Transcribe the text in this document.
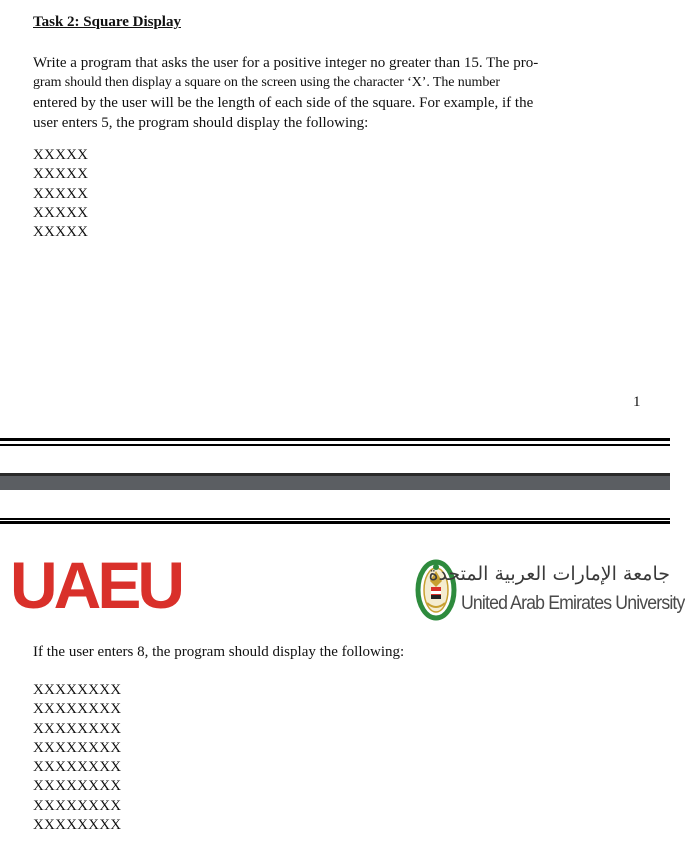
Task 2: Square Display

Write a program that asks the user for a positive integer no greater than 15. The pro-
gram should then display a square on the screen using the character ‘X’. The number
entered by the user will be the length of each side of the square. For example, if the
user enters 5, the program should display the following:

XXXXX
XXXXX
XXXXX
XXXXX
XXXXX
1
UAEU	جامعة الإمارات العربية المتحدة
United Arab Emirates University

If the user enters 8, the program should display the following:

XXXXXXXX
XXXXXXXX
XXXXXXXX
XXXXXXXX
XXXXXXXX
XXXXXXXX
XXXXXXXX
XXXXXXXX
